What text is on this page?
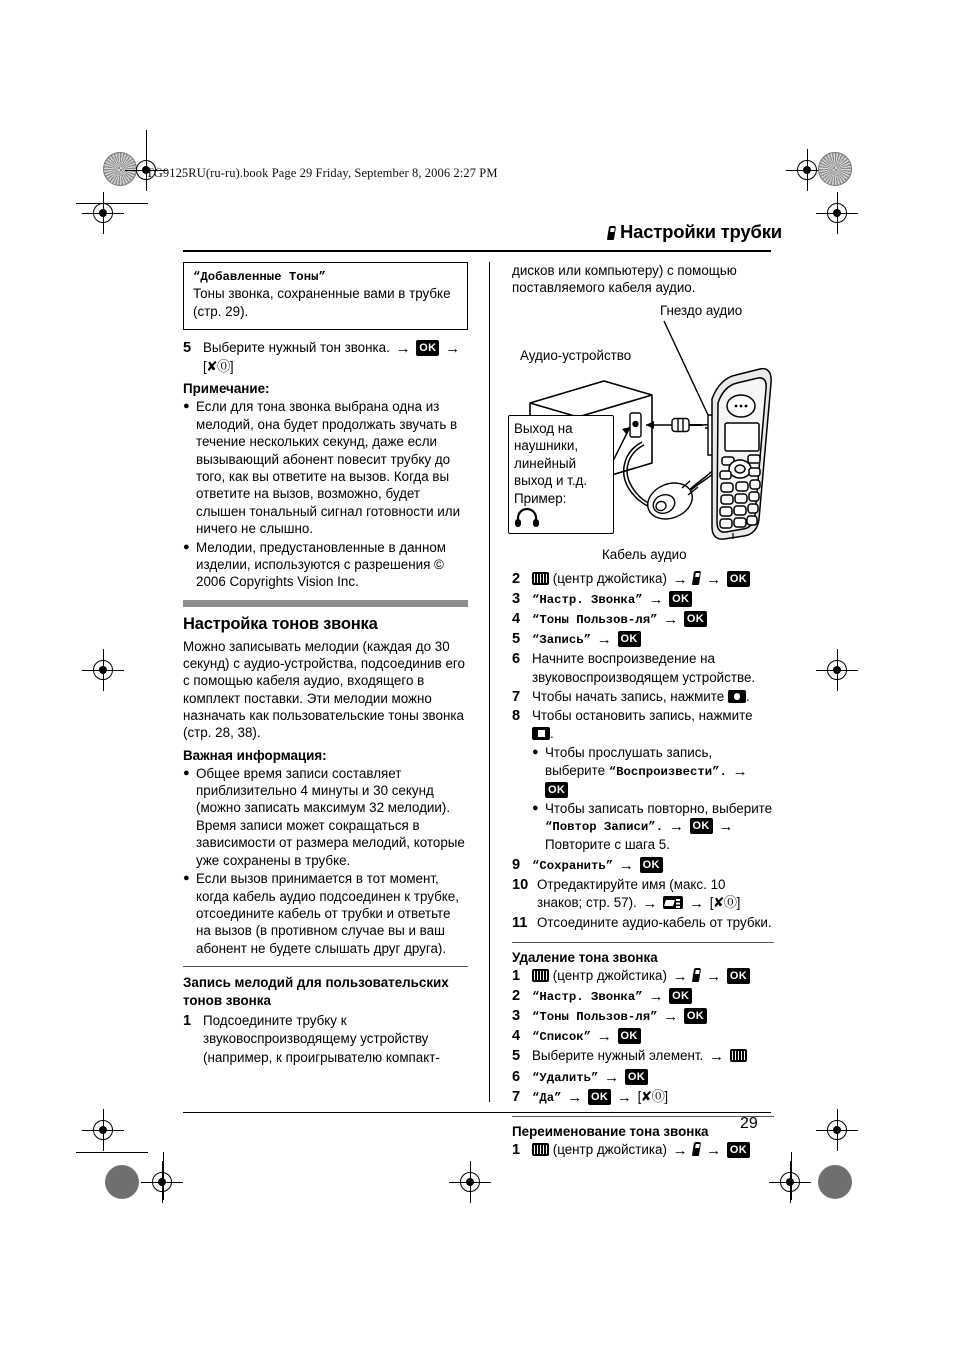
TG9125RU(ru-ru).book Page 29 Friday, September 8, 2006 2:27 PM
Настройки трубки
“Добавленные Тоны”
Тоны звонка, сохраненные вами в трубке (стр. 29).
5 Выберите нужный тон звонка. → OK → [✘⓪]
Примечание:
● Если для тона звонка выбрана одна из мелодий, она будет продолжать звучать в течение нескольких секунд, даже если вызывающий абонент повесит трубку до того, как вы ответите на вызов. Когда вы ответите на вызов, возможно, будет слышен тональный сигнал готовности или ничего не слышно.
● Мелодии, предустановленные в данном изделии, используются с разрешения © 2006 Copyrights Vision Inc.
Настройка тонов звонка
Можно записывать мелодии (каждая до 30 секунд) с аудио-устройства, подсоединив его с помощью кабеля аудио, входящего в комплект поставки. Эти мелодии можно назначать как пользовательские тоны звонка (стр. 28, 38).
Важная информация:
● Общее время записи составляет приблизительно 4 минуты и 30 секунд (можно записать максимум 32 мелодии). Время записи может сокращаться в зависимости от размера мелодий, которые уже сохранены в трубке.
● Если вызов принимается в тот момент, когда кабель аудио подсоединен к трубке, отсоедините кабель от трубки и ответьте на вызов (в противном случае вы и ваш абонент не будете слышать друг друга).
Запись мелодий для пользовательских тонов звонка
1 Подсоедините трубку к звуковоспроизводящему устройству (например, к проигрывателю компакт-
дисков или компьютеру) с помощью поставляемого кабеля аудио.
Гнездо аудио
Аудио-устройство
Кабель аудио
Выход на наушники, линейный выход и т.д. Пример:
2	(центр джойстика) → → OK
3 “Настр. Звонка” → OK
4 “Тоны Пользов-ля” → OK
5 “Запись” → OK
6 Начните воспроизведение на звуковоспроизводящем устройстве.
7 Чтобы начать запись, нажмите .
8 Чтобы остановить запись, нажмите .
● Чтобы прослушать запись, выберите “Воспроизвести”. → OK
● Чтобы записать повторно, выберите “Повтор Записи”. → OK → Повторите с шага 5.
9 “Сохранить” → OK
10 Отредактируйте имя (макс. 10 знаков; стр. 57). → → [✘⓪]
11 Отсоедините аудио-кабель от трубки.
Удаление тона звонка
1	(центр джойстика) → → OK
2 “Настр. Звонка” → OK
3 “Тоны Пользов-ля” → OK
4 “Список” → OK
5 Выберите нужный элемент. →
6 “Удалить” → OK
7 “Да” → OK → [✘⓪]
Переименование тона звонка
1	(центр джойстика) → → OK
29
